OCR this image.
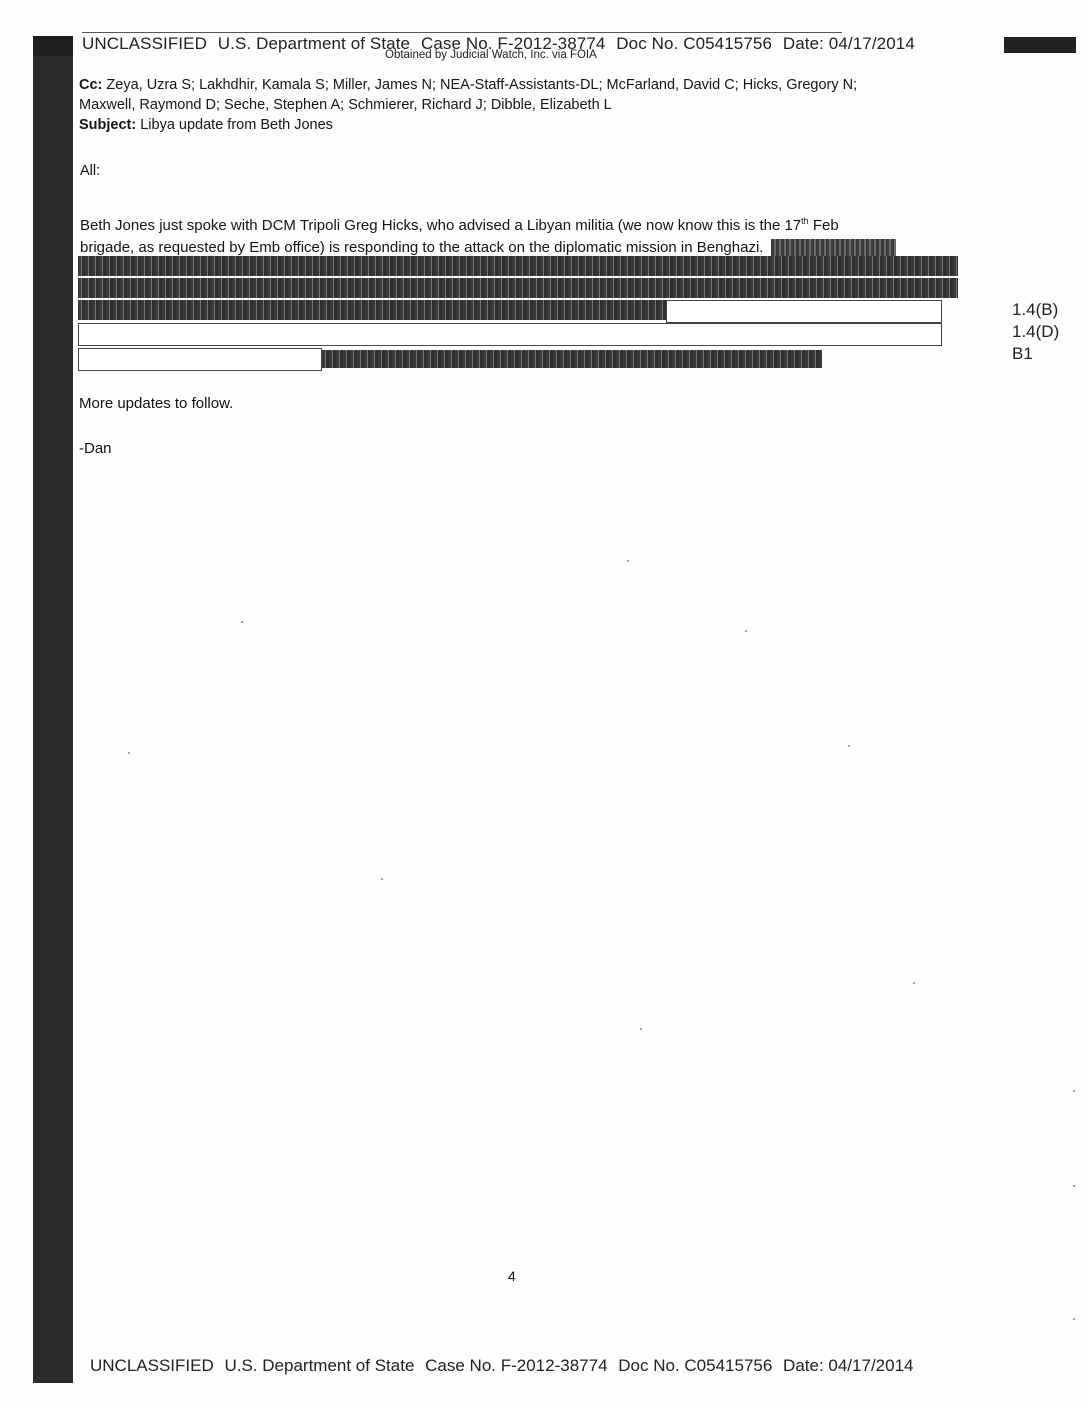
UNCLASSIFIED U.S. Department of State Case No. F-2012-38774 Doc No. C05415756 Date: 04/17/2014
Obtained by Judicial Watch, Inc. via FOIA
Cc: Zeya, Uzra S; Lakhdhir, Kamala S; Miller, James N; NEA-Staff-Assistants-DL; McFarland, David C; Hicks, Gregory N;
Maxwell, Raymond D; Seche, Stephen A; Schmierer, Richard J; Dibble, Elizabeth L
Subject: Libya update from Beth Jones
All:
Beth Jones just spoke with DCM Tripoli Greg Hicks, who advised a Libyan militia (we now know this is the 17th Feb
brigade, as requested by Emb office) is responding to the attack on the diplomatic mission in Benghazi.
1.4(B)
1.4(D)
B1
More updates to follow.
-Dan
4
UNCLASSIFIED U.S. Department of State Case No. F-2012-38774 Doc No. C05415756 Date: 04/17/2014
